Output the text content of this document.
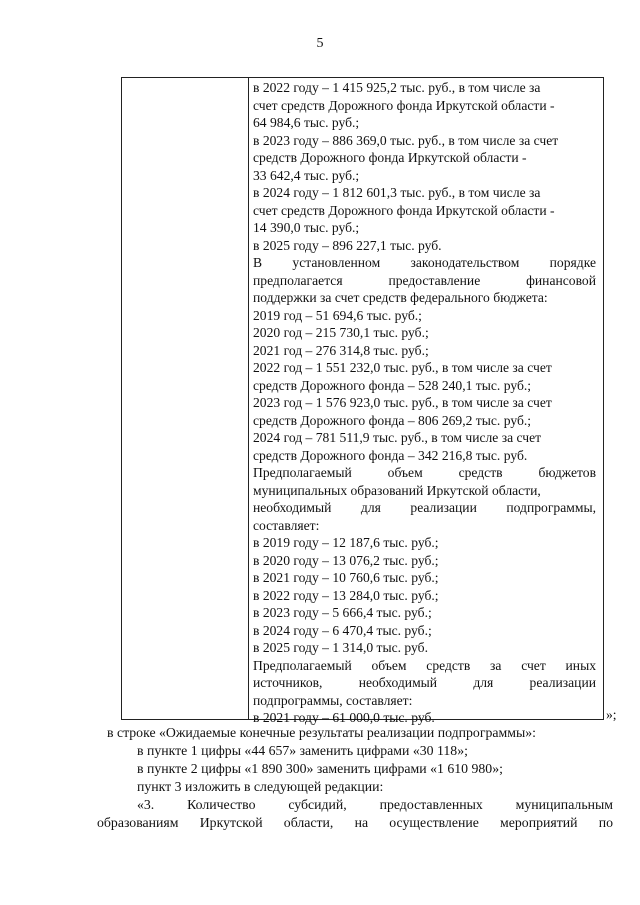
5
в 2022 году – 1 415 925,2 тыс. руб., в том числе за
счет средств Дорожного фонда Иркутской области -
64 984,6 тыс. руб.;
в 2023 году – 886 369,0 тыс. руб., в том числе за счет
средств Дорожного фонда Иркутской области -
33 642,4 тыс. руб.;
в 2024 году – 1 812 601,3 тыс. руб., в том числе за
счет средств Дорожного фонда Иркутской области -
14 390,0 тыс. руб.;
в 2025 году – 896 227,1 тыс. руб.
В установленном законодательством порядке
предполагается предоставление финансовой
поддержки за счет средств федерального бюджета:
2019 год – 51 694,6 тыс. руб.;
2020 год – 215 730,1 тыс. руб.;
2021 год – 276 314,8 тыс. руб.;
2022 год – 1 551 232,0 тыс. руб., в том числе за счет
средств Дорожного фонда – 528 240,1 тыс. руб.;
2023 год – 1 576 923,0 тыс. руб., в том числе за счет
средств Дорожного фонда – 806 269,2 тыс. руб.;
2024 год – 781 511,9 тыс. руб., в том числе за счет
средств Дорожного фонда – 342 216,8 тыс. руб.
Предполагаемый объем средств бюджетов
муниципальных образований Иркутской области,
необходимый для реализации подпрограммы,
составляет:
в 2019 году – 12 187,6 тыс. руб.;
в 2020 году – 13 076,2 тыс. руб.;
в 2021 году – 10 760,6 тыс. руб.;
в 2022 году – 13 284,0 тыс. руб.;
в 2023 году – 5 666,4 тыс. руб.;
в 2024 году – 6 470,4 тыс. руб.;
в 2025 году – 1 314,0 тыс. руб.
Предполагаемый объем средств за счет иных
источников, необходимый для реализации
подпрограммы, составляет:
в 2021 году – 61 000,0 тыс. руб.	»;
в строке «Ожидаемые конечные результаты реализации подпрограммы»:
в пункте 1 цифры «44 657» заменить цифрами «30 118»;
в пункте 2 цифры «1 890 300» заменить цифрами «1 610 980»;
пункт 3 изложить в следующей редакции:
«3. Количество субсидий, предоставленных муниципальным
образованиям Иркутской области, на осуществление мероприятий по
